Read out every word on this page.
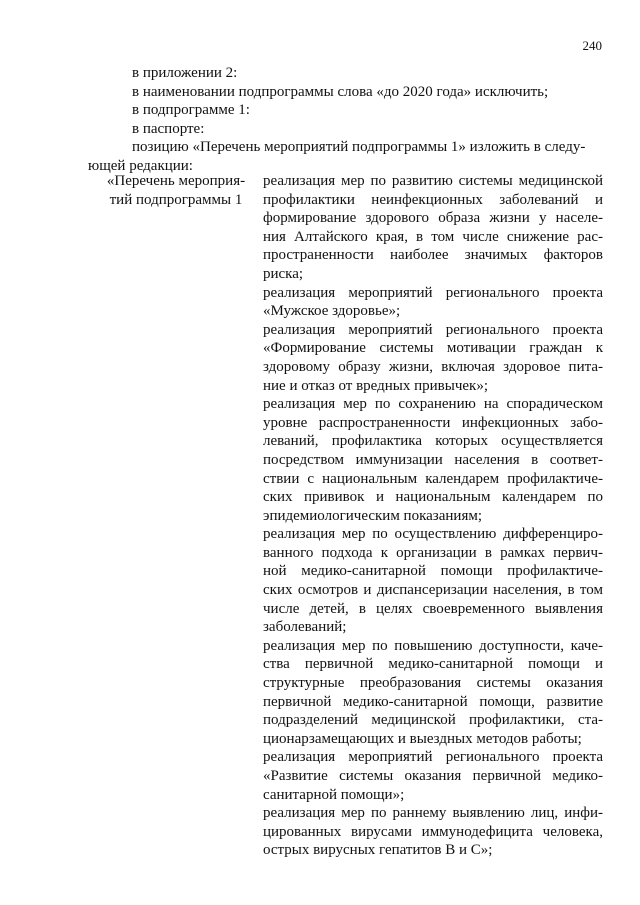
240
в приложении 2:
в наименовании подпрограммы слова «до 2020 года» исключить;
в подпрограмме 1:
в паспорте:
позицию «Перечень мероприятий подпрограммы 1» изложить в следу-
ющей редакции:
«Перечень мероприя-
тий подпрограммы 1
реализация мер по развитию системы медицинской
профилактики неинфекционных заболеваний и
формирование здорового образа жизни у населе-
ния Алтайского края, в том числе снижение рас-
пространенности наиболее значимых факторов
риска;
реализация мероприятий регионального проекта
«Мужское здоровье»;
реализация мероприятий регионального проекта
«Формирование системы мотивации граждан к
здоровому образу жизни, включая здоровое пита-
ние и отказ от вредных привычек»;
реализация мер по сохранению на спорадическом
уровне распространенности инфекционных забо-
леваний, профилактика которых осуществляется
посредством иммунизации населения в соответ-
ствии с национальным календарем профилактиче-
ских прививок и национальным календарем по
эпидемиологическим показаниям;
реализация мер по осуществлению дифференциро-
ванного подхода к организации в рамках первич-
ной медико-санитарной помощи профилактиче-
ских осмотров и диспансеризации населения, в том
числе детей, в целях своевременного выявления
заболеваний;
реализация мер по повышению доступности, каче-
ства первичной медико-санитарной помощи и
структурные преобразования системы оказания
первичной медико-санитарной помощи, развитие
подразделений медицинской профилактики, ста-
ционарзамещающих и выездных методов работы;
реализация мероприятий регионального проекта
«Развитие системы оказания первичной медико-
санитарной помощи»;
реализация мер по раннему выявлению лиц, инфи-
цированных вирусами иммунодефицита человека,
острых вирусных гепатитов В и С»;
